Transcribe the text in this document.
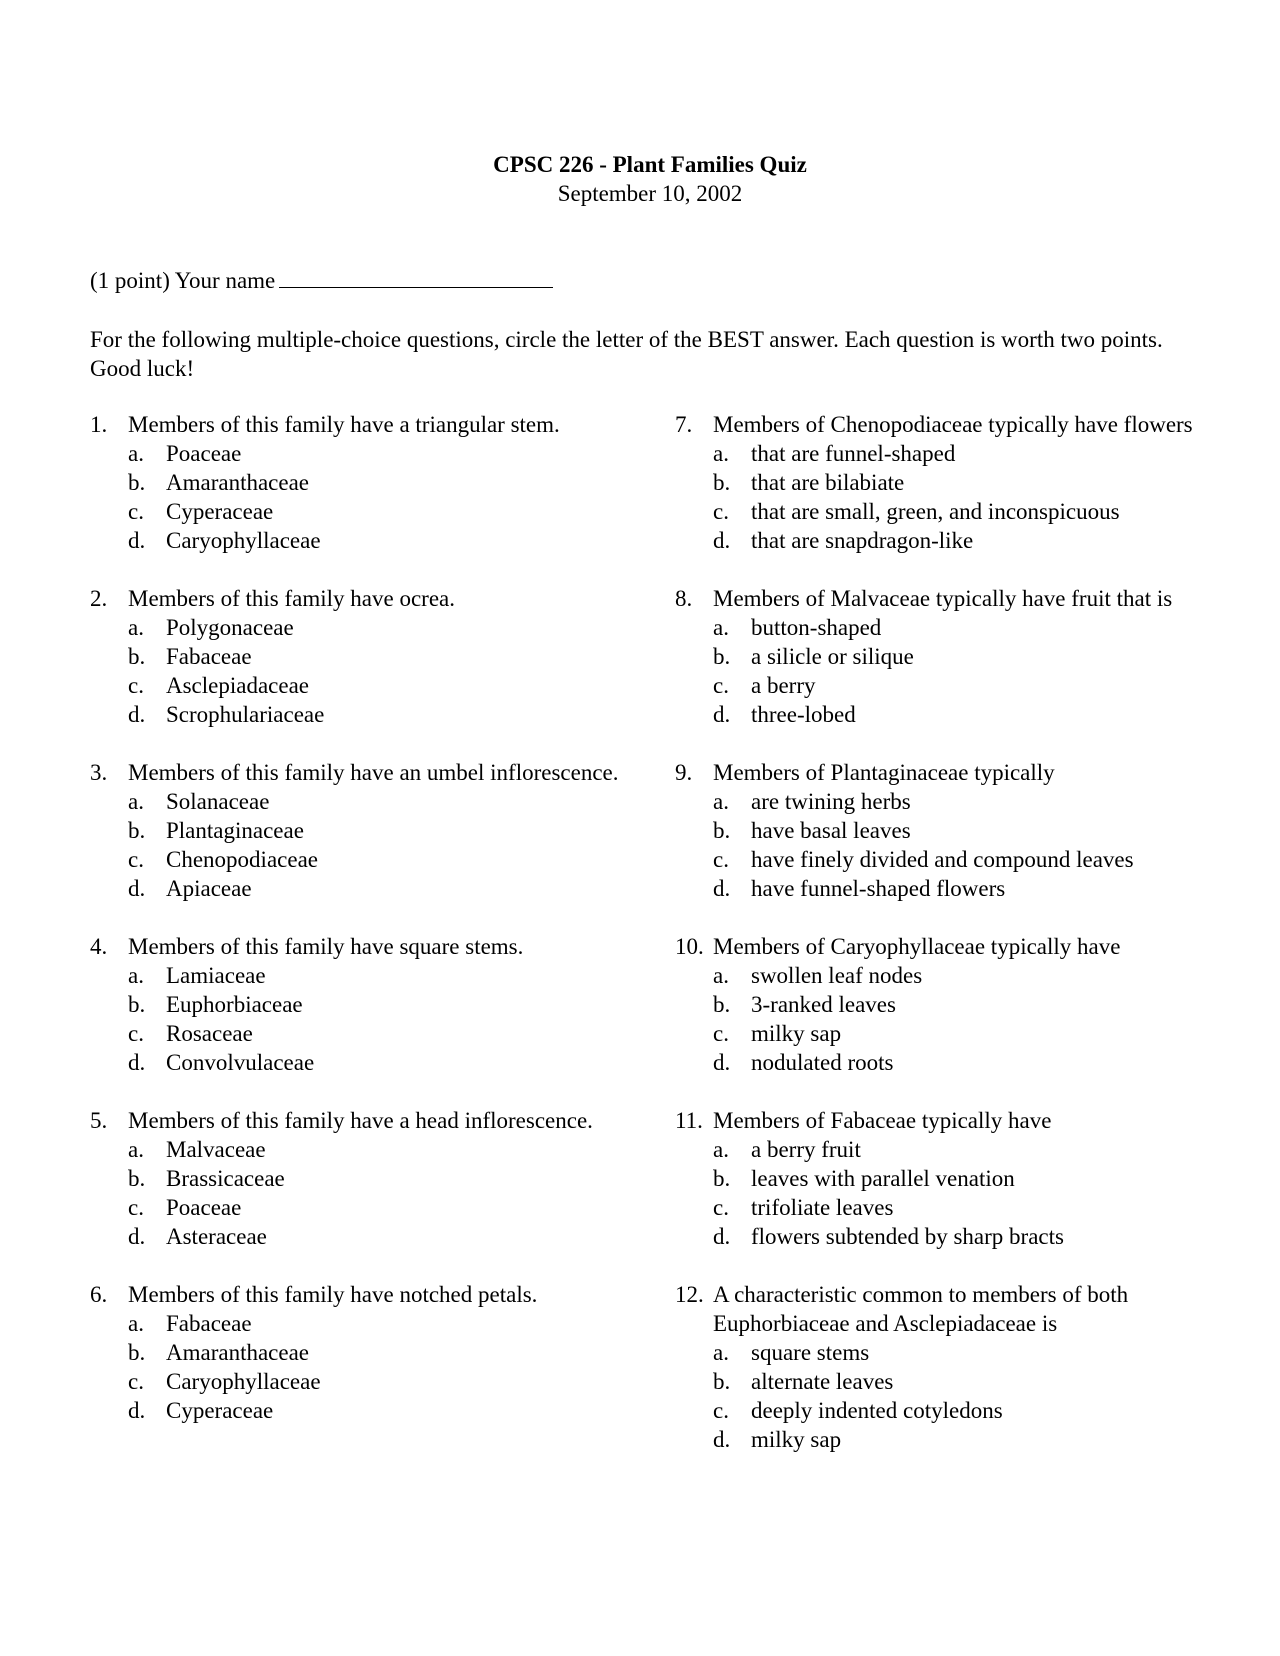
CPSC 226 - Plant Families Quiz
September 10, 2002
(1 point) Your name
For the following multiple-choice questions, circle the letter of the BEST answer. Each question is worth two points. Good luck!
1. Members of this family have a triangular stem.
a. Poaceae
b. Amaranthaceae
c. Cyperaceae
d. Caryophyllaceae
2. Members of this family have ocrea.
a. Polygonaceae
b. Fabaceae
c. Asclepiadaceae
d. Scrophulariaceae
3. Members of this family have an umbel inflorescence.
a. Solanaceae
b. Plantaginaceae
c. Chenopodiaceae
d. Apiaceae
4. Members of this family have square stems.
a. Lamiaceae
b. Euphorbiaceae
c. Rosaceae
d. Convolvulaceae
5. Members of this family have a head inflorescence.
a. Malvaceae
b. Brassicaceae
c. Poaceae
d. Asteraceae
6. Members of this family have notched petals.
a. Fabaceae
b. Amaranthaceae
c. Caryophyllaceae
d. Cyperaceae
7. Members of Chenopodiaceae typically have flowers
a. that are funnel-shaped
b. that are bilabiate
c. that are small, green, and inconspicuous
d. that are snapdragon-like
8. Members of Malvaceae typically have fruit that is
a. button-shaped
b. a silicle or silique
c. a berry
d. three-lobed
9. Members of Plantaginaceae typically
a. are twining herbs
b. have basal leaves
c. have finely divided and compound leaves
d. have funnel-shaped flowers
10. Members of Caryophyllaceae typically have
a. swollen leaf nodes
b. 3-ranked leaves
c. milky sap
d. nodulated roots
11. Members of Fabaceae typically have
a. a berry fruit
b. leaves with parallel venation
c. trifoliate leaves
d. flowers subtended by sharp bracts
12. A characteristic common to members of both Euphorbiaceae and Asclepiadaceae is
a. square stems
b. alternate leaves
c. deeply indented cotyledons
d. milky sap
